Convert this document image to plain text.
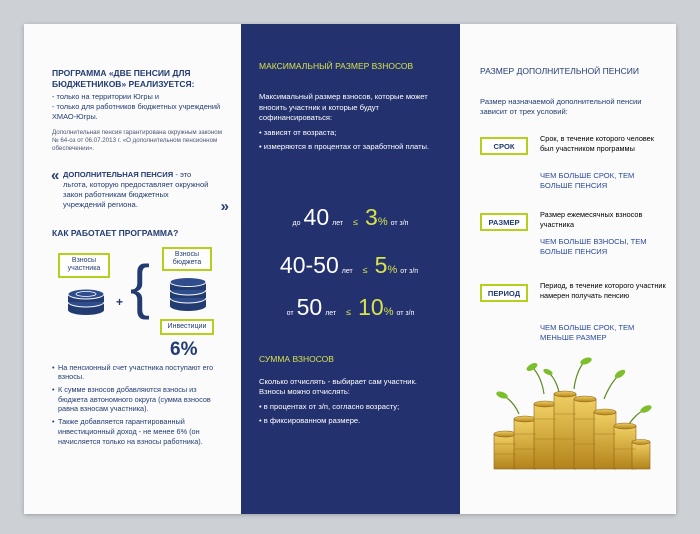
ПРОГРАММА «ДВЕ ПЕНСИИ ДЛЯ БЮДЖЕТНИКОВ» РЕАЛИЗУЕТСЯ:
- только на территории Югры и
- только для работников бюджетных учреждений ХМАО-Югры.
Дополнительная пенсия гарантирована окружным законом № 64-оз от 06.07.2013 г. «О дополнительном пенсионном обеспечении».
« ДОПОЛНИТЕЛЬНАЯ ПЕНСИЯ - это льгота, которую предоставляет окружной закон работникам бюджетных учреждений региона.	»
КАК РАБОТАЕТ ПРОГРАММА?
Взносы участника
+ {	Взносы бюджета
Инвестиции
6%
• На пенсионный счет участника поступают его взносы.
• К сумме взносов добавляются взносы из бюджета автономного округа (сумма взносов равна взносам участника).
• Также добавляется гарантированный инвестиционный доход - не менее 6% (он начисляется только на взносы работника).
МАКСИМАЛЬНЫЙ РАЗМЕР ВЗНОСОВ
Максимальный размер взносов, которые может вносить участник и которые будут софинансироваться:
• зависят от возраста;
• измеряются в процентах от заработной платы.
до 40 лет ≤ 3 % от з/п
40-50 лет ≤ 5 % от з/п
от 50 лет ≤ 10 % от з/п
СУММА ВЗНОСОВ
Сколько отчислять - выбирает сам участник. Взносы можно отчислять:
• в процентах от з/п, согласно возрасту;
• в фиксированном размере.
РАЗМЕР ДОПОЛНИТЕЛЬНОЙ ПЕНСИИ
Размер назначаемой дополнительной пенсии зависит от трех условий:
СРОК
Срок, в течение которого человек был участником программы
ЧЕМ БОЛЬШЕ СРОК, ТЕМ БОЛЬШЕ ПЕНСИЯ
РАЗМЕР
Размер ежемесячных взносов участника
ЧЕМ БОЛЬШЕ ВЗНОСЫ, ТЕМ БОЛЬШЕ ПЕНСИЯ
ПЕРИОД
Период, в течение которого участник намерен получать пенсию
ЧЕМ БОЛЬШЕ СРОК, ТЕМ МЕНЬШЕ РАЗМЕР
